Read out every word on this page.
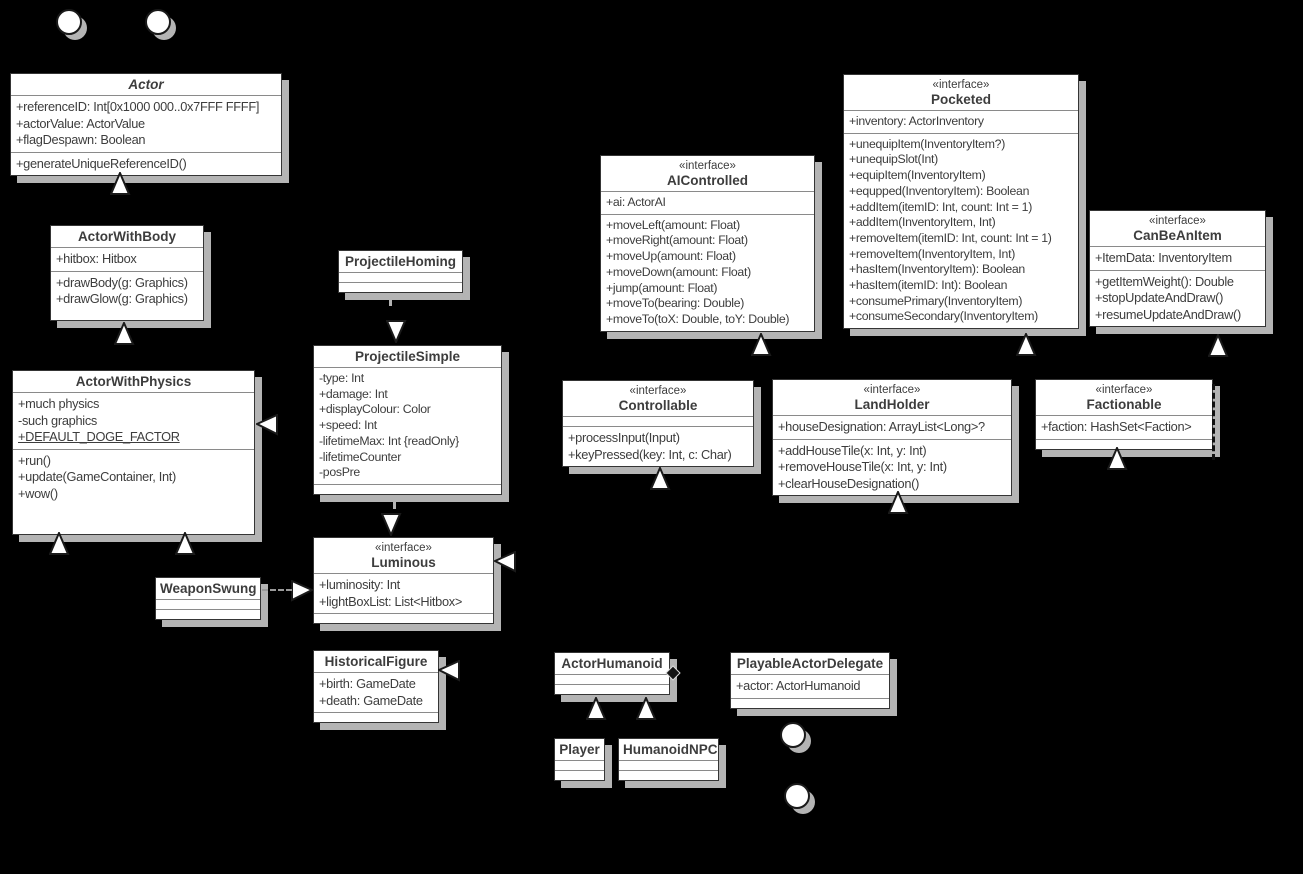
Actor
+referenceID: Int[0x1000 000..0x7FFF FFFF]
+actorValue: ActorValue
+flagDespawn: Boolean
+generateUniqueReferenceID()
ActorWithBody
+hitbox: Hitbox
+drawBody(g: Graphics)
+drawGlow(g: Graphics)
ActorWithPhysics
+much physics
-such graphics
+DEFAULT_DOGE_FACTOR
+run()
+update(GameContainer, Int)
+wow()
ProjectileHoming
ProjectileSimple
-type: Int
+damage: Int
+displayColour: Color
+speed: Int
-lifetimeMax: Int {readOnly}
-lifetimeCounter
-posPre
«interface»
Luminous
+luminosity: Int
+lightBoxList: List<Hitbox>
WeaponSwung
HistoricalFigure
+birth: GameDate
+death: GameDate
ActorHumanoid	PlayableActorDelegate
+actor: ActorHumanoid
Player	HumanoidNPC
«interface»
AIControlled
+ai: ActorAI
+moveLeft(amount: Float)
+moveRight(amount: Float)
+moveUp(amount: Float)
+moveDown(amount: Float)
+jump(amount: Float)
+moveTo(bearing: Double)
+moveTo(toX: Double, toY: Double)
«interface»
Pocketed
+inventory: ActorInventory
+unequipItem(InventoryItem?)
+unequipSlot(Int)
+equipItem(InventoryItem)
+equpped(InventoryItem): Boolean
+addItem(itemID: Int, count: Int = 1)
+addItem(InventoryItem, Int)
+removeItem(itemID: Int, count: Int = 1)
+removeItem(InventoryItem, Int)
+hasItem(InventoryItem): Boolean
+hasItem(itemID: Int): Boolean
+consumePrimary(InventoryItem)
+consumeSecondary(InventoryItem)
«interface»
CanBeAnItem
+ItemData: InventoryItem
+getItemWeight(): Double
+stopUpdateAndDraw()
+resumeUpdateAndDraw()
«interface»
Controllable
+processInput(Input)
+keyPressed(key: Int, c: Char)
«interface»
LandHolder
+houseDesignation: ArrayList<Long>?
+addHouseTile(x: Int, y: Int)
+removeHouseTile(x: Int, y: Int)
+clearHouseDesignation()
«interface»
Factionable
+faction: HashSet<Faction>
